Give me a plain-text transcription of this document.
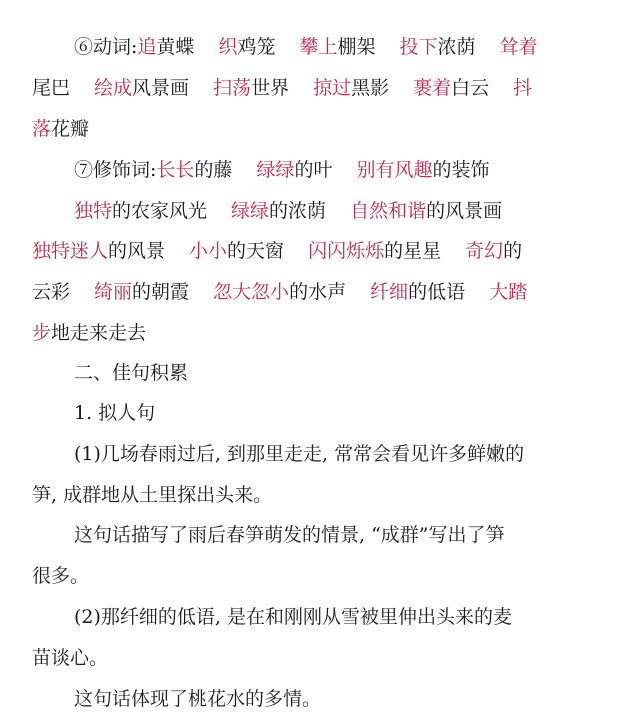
⑥动词:追黄蝶 织鸡笼 攀上棚架 投下浓荫 耸着
尾巴 绘成风景画 扫荡世界 掠过黑影 裹着白云 抖
落花瓣
⑦修饰词:长长的藤 绿绿的叶 别有风趣的装饰
独特的农家风光 绿绿的浓荫 自然和谐的风景画
独特迷人的风景 小小的天窗 闪闪烁烁的星星 奇幻的
云彩 绮丽的朝霞 忽大忽小的水声 纤细的低语 大踏
步地走来走去
二、佳句积累
1. 拟人句
(1)几场春雨过后, 到那里走走, 常常会看见许多鲜嫩的
笋, 成群地从土里探出头来。
这句话描写了雨后春笋萌发的情景, “成群”写出了笋
很多。
(2)那纤细的低语, 是在和刚刚从雪被里伸出头来的麦
苗谈心。
这句话体现了桃花水的多情。
